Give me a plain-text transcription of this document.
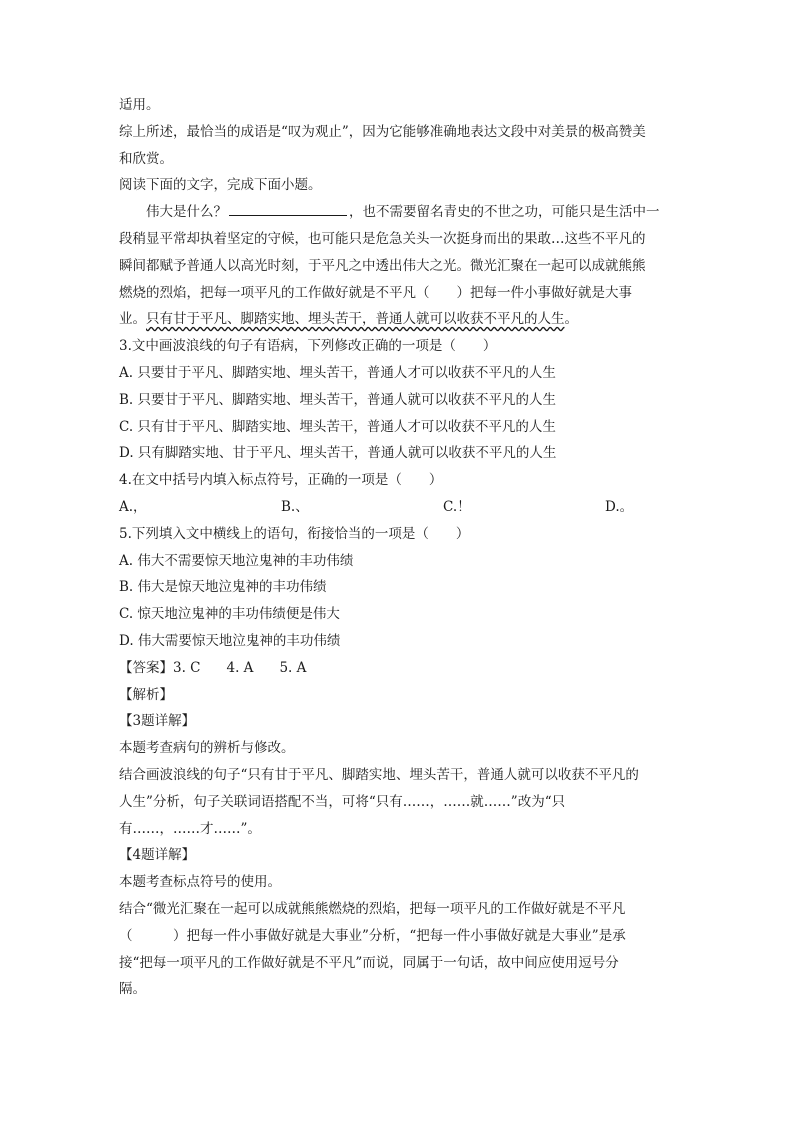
适用。
综上所述，最恰当的成语是“叹为观止”，因为它能够准确地表达文段中对美景的极高赞美
和欣赏。
阅读下面的文字，完成下面小题。
伟大是什么？	，也不需要留名青史的不世之功，可能只是生活中一
段稍显平常却执着坚定的守候，也可能只是危急关头一次挺身而出的果敢…这些不平凡的
瞬间都赋予普通人以高光时刻，于平凡之中透出伟大之光。微光汇聚在一起可以成就熊熊
燃烧的烈焰，把每一项平凡的工作做好就是不平凡（　　）把每一件小事做好就是大事
业。只有甘于平凡、脚踏实地、埋头苦干，普通人就可以收获不平凡的人生。
3.文中画波浪线的句子有语病，下列修改正确的一项是（　　）
A. 只要甘于平凡、脚踏实地、埋头苦干，普通人才可以收获不平凡的人生
B. 只要甘于平凡、脚踏实地、埋头苦干，普通人就可以收获不平凡的人生
C. 只有甘于平凡、脚踏实地、埋头苦干，普通人才可以收获不平凡的人生
D. 只有脚踏实地、甘于平凡、埋头苦干，普通人就可以收获不平凡的人生
4.在文中括号内填入标点符号，正确的一项是（　　）
A.，	B.、	C.！	D.。
5.下列填入文中横线上的语句，衔接恰当的一项是（　　）
A. 伟大不需要惊天地泣鬼神的丰功伟绩
B. 伟大是惊天地泣鬼神的丰功伟绩
C. 惊天地泣鬼神的丰功伟绩便是伟大
D. 伟大需要惊天地泣鬼神的丰功伟绩
【答案】3. C 4. A 5. A
【解析】
【3题详解】
本题考查病句的辨析与修改。
结合画波浪线的句子“只有甘于平凡、脚踏实地、埋头苦干，普通人就可以收获不平凡的
人生”分析，句子关联词语搭配不当，可将“只有……，……就……”改为“只
有……，……才……”。
【4题详解】
本题考查标点符号的使用。
结合“微光汇聚在一起可以成就熊熊燃烧的烈焰，把每一项平凡的工作做好就是不平凡
（　　　）把每一件小事做好就是大事业”分析，“把每一件小事做好就是大事业”是承
接“把每一项平凡的工作做好就是不平凡”而说，同属于一句话，故中间应使用逗号分
隔。
